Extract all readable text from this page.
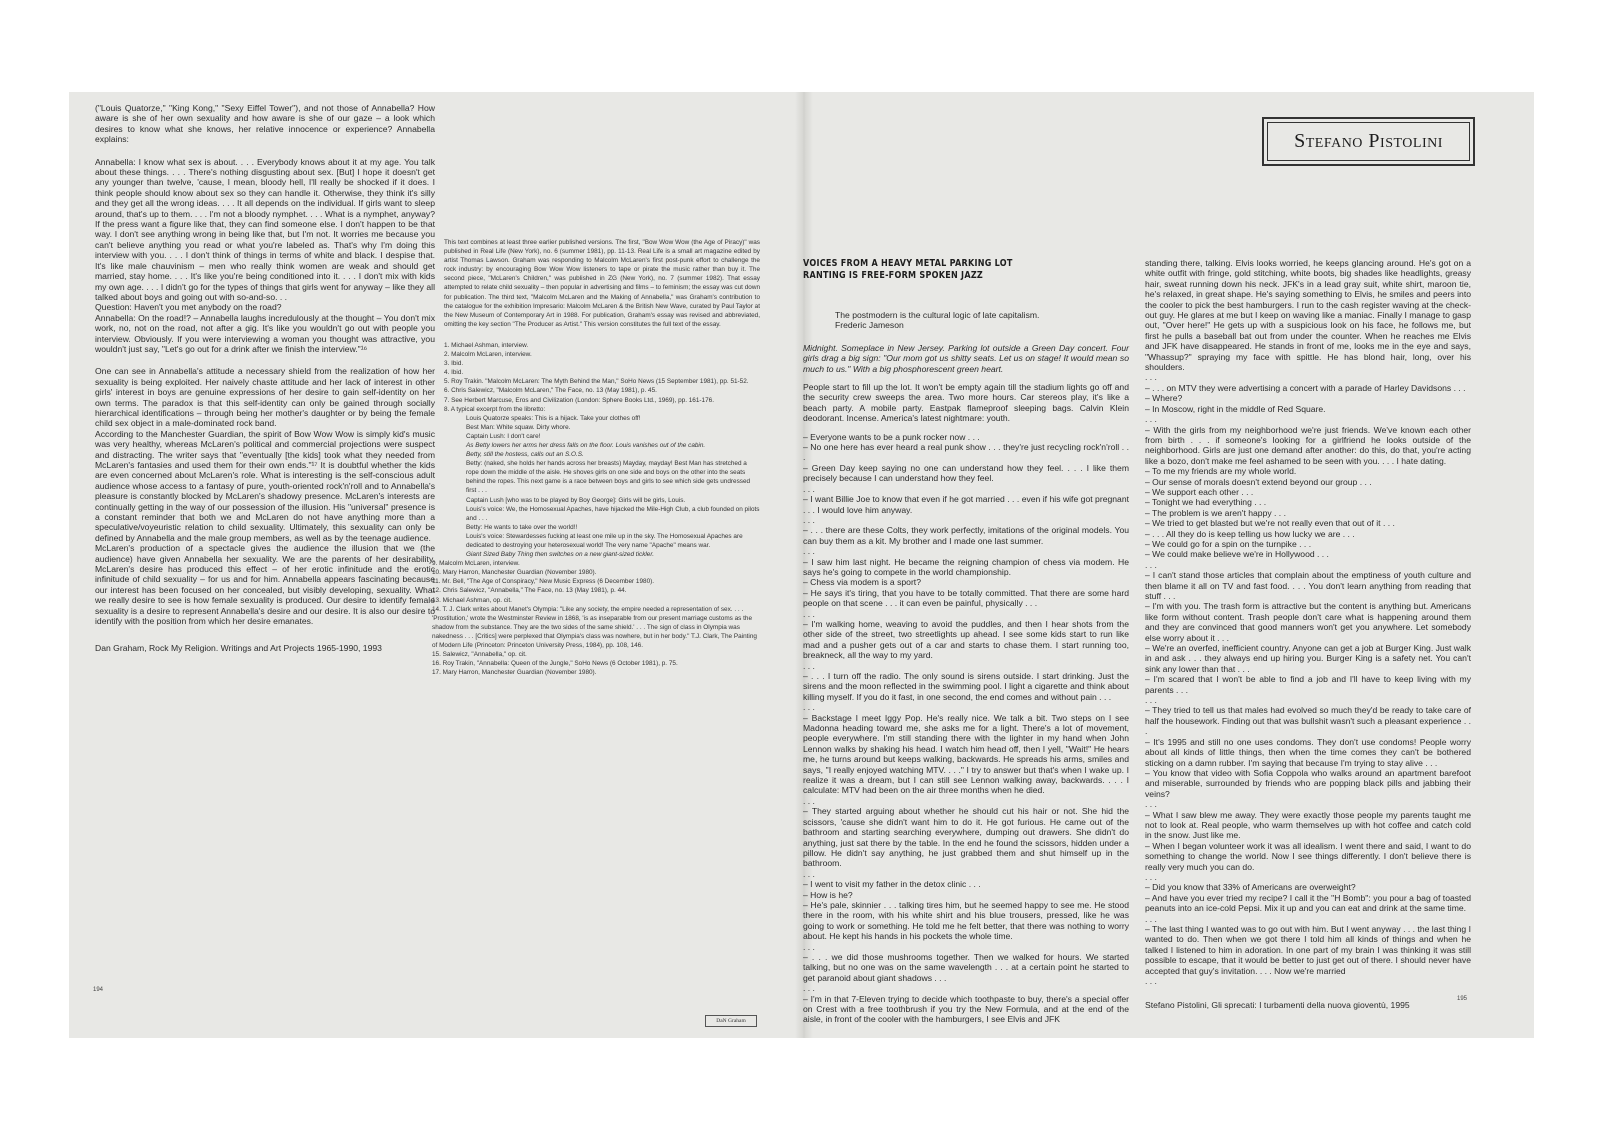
("Louis Quatorze," "King Kong," "Sexy Eiffel Tower"), and not those of Annabella? How aware is she of her own sexuality and how aware is she of our gaze – a look which desires to know what she knows, her relative innocence or experience? Annabella explains:

Annabella: I know what sex is about. . . . Everybody knows about it at my age. You talk about these things. . . . There's nothing disgusting about sex. [But] I hope it doesn't get any younger than twelve, 'cause, I mean, bloody hell, I'll really be shocked if it does. I think people should know about sex so they can handle it. Otherwise, they think it's silly and they get all the wrong ideas. . . . It all depends on the individual. If girls want to sleep around, that's up to them. . . . I'm not a bloody nymphet. . . . What is a nymphet, anyway? If the press want a figure like that, they can find someone else. I don't happen to be that way. I don't see anything wrong in being like that, but I'm not. It worries me because you can't believe anything you read or what you're labeled as. That's why I'm doing this interview with you. . . . I don't think of things in terms of white and black. I despise that. It's like male chauvinism – men who really think women are weak and should get married, stay home. . . . It's like you're being conditioned into it. . . . I don't mix with kids my own age. . . . I didn't go for the types of things that girls went for anyway – like they all talked about boys and going out with so-and-so. . .

Question: Haven't you met anybody on the road?

Annabella: On the road!? – Annabella laughs incredulously at the thought – You don't mix work, no, not on the road, not after a gig. It's like you wouldn't go out with people you interview. Obviously. If you were interviewing a woman you thought was attractive, you wouldn't just say, "Let's go out for a drink after we finish the interview."¹⁶

One can see in Annabella's attitude a necessary shield from the realization of how her sexuality is being exploited. Her naively chaste attitude and her lack of interest in other girls' interest in boys are genuine expressions of her desire to gain self-identity on her own terms. The paradox is that this self-identity can only be gained through socially hierarchical identifications – through being her mother's daughter or by being the female child sex object in a male-dominated rock band.

According to the Manchester Guardian, the spirit of Bow Wow Wow is simply kid's music was very healthy, whereas McLaren's political and commercial projections were suspect and distracting. The writer says that "eventually [the kids] took what they needed from McLaren's fantasies and used them for their own ends."¹⁷ It is doubtful whether the kids are even concerned about McLaren's role. What is interesting is the self-conscious adult audience whose access to a fantasy of pure, youth-oriented rock'n'roll and to Annabella's pleasure is constantly blocked by McLaren's shadowy presence. McLaren's interests are continually getting in the way of our possession of the illusion. His "universal" presence is a constant reminder that both we and McLaren do not have anything more than a speculative/voyeuristic relation to child sexuality. Ultimately, this sexuality can only be defined by Annabella and the male group members, as well as by the teenage audience.

McLaren's production of a spectacle gives the audience the illusion that we (the audience) have given Annabella her sexuality. We are the parents of her desirability. McLaren's desire has produced this effect – of her erotic infinitude and the erotic infinitude of child sexuality – for us and for him. Annabella appears fascinating because our interest has been focused on her concealed, but visibly developing, sexuality. What we really desire to see is how female sexuality is produced. Our desire to identify female sexuality is a desire to represent Annabella's desire and our desire. It is also our desire to identify with the position from which her desire emanates.

Dan Graham, Rock My Religion. Writings and Art Projects 1965-1990, 1993

This text combines at least three earlier published versions. The first, "Bow Wow Wow (the Age of Piracy)" was published in Real Life (New York), no. 6 (summer 1981), pp. 11-13. Real Life is a small art magazine edited by artist Thomas Lawson. Graham was responding to Malcolm McLaren's first post-punk effort to challenge the rock industry: by encouraging Bow Wow Wow listeners to tape or pirate the music rather than buy it. The second piece, "McLaren's Children," was published in ZG (New York), no. 7 (summer 1982). That essay attempted to relate child sexuality – then popular in advertising and films – to feminism; the essay was cut down for publication. The third text, "Malcolm McLaren and the Making of Annabella," was Graham's contribution to the catalogue for the exhibition Impresario: Malcolm McLaren & the British New Wave, curated by Paul Taylor at the New Museum of Contemporary Art in 1988. For publication, Graham's essay was revised and abbreviated, omitting the key section "The Producer as Artist." This version constitutes the full text of the essay.

1. Michael Ashman, interview.
2. Malcolm McLaren, interview.
3. Ibid.
4. Ibid.
5. Roy Trakin. "Malcolm McLaren: The Myth Behind the Man," SoHo News (15 September 1981), pp. 51-52.
6. Chris Salewicz, "Malcolm McLaren," The Face, no. 13 (May 1981), p. 45.
7. See Herbert Marcuse, Eros and Civilization (London: Sphere Books Ltd., 1969), pp. 161-176.
8. A typical excerpt from the libretto:
Louis Quatorze speaks: This is a hijack. Take your clothes off!
Best Man: White squaw. Dirty whore.
Captain Lush: I don't care!
As Betty lowers her arms her dress falls on the floor. Louis vanishes out of the cabin.
Betty, still the hostess, calls out an S.O.S.
Betty: (naked, she holds her hands across her breasts) Mayday, mayday! Best Man has stretched a rope down the middle of the aisle. He shoves girls on one side and boys on the other into the seats behind the ropes. This next game is a race between boys and girls to see which side gets undressed first . . .
Captain Lush [who was to be played by Boy George]: Girls will be girls, Louis.
Louis's voice: We, the Homosexual Apaches, have hijacked the Mile-High Club, a club founded on pilots and . . .
Betty: He wants to take over the world!!
Louis's voice: Stewardesses fucking at least one mile up in the sky. The Homosexual Apaches are dedicated to destroying your heterosexual world! The very name "Apache" means war.
Giant Sized Baby Thing then switches on a new giant-sized tickler.
9. Malcolm McLaren, interview.
10. Mary Harron, Manchester Guardian (November 1980).
11. Mr. Bell, "The Age of Conspiracy," New Music Express (6 December 1980).
12. Chris Salewicz, "Annabella," The Face, no. 13 (May 1981), p. 44.
13. Michael Ashman, op. cit.
14. T. J. Clark writes about Manet's Olympia: "Like any society, the empire needed a representation of sex. . . . 'Prostitution,' wrote the Westminster Review in 1868, 'is as inseparable from our present marriage customs as the shadow from the substance. They are the two sides of the same shield.' . . . The sign of class in Olympia was nakedness . . . [Critics] were perplexed that Olympia's class was nowhere, but in her body." T.J. Clark, The Painting of Modern Life (Princeton: Princeton University Press, 1984), pp. 108, 146.
15. Salewicz, "Annabella," op. cit.
16. Roy Trakin, "Annabella: Queen of the Jungle," SoHo News (6 October 1981), p. 75.
17. Mary Harron, Manchester Guardian (November 1980).
194
DaN Graham
Stefano Pistolini
VOICES FROM A HEAVY METAL PARKING LOT
RANTING IS FREE-FORM SPOKEN JAZZ
The postmodern is the cultural logic of late capitalism.
Frederic Jameson

Midnight. Someplace in New Jersey. Parking lot outside a Green Day concert. Four girls drag a big sign: "Our mom got us shitty seats. Let us on stage! It would mean so much to us." With a big phosphorescent green heart.

People start to fill up the lot. It won't be empty again till the stadium lights go off and the security crew sweeps the area. Two more hours. Car stereos play, it's like a beach party. A mobile party. Eastpak flameproof sleeping bags. Calvin Klein deodorant. Incense. America's latest nightmare: youth.

– Everyone wants to be a punk rocker now . . .
– No one here has ever heard a real punk show . . . they're just recycling rock'n'roll . . .
– Green Day keep saying no one can understand how they feel. . . . I like them precisely because I can understand how they feel.
. . .
– I want Billie Joe to know that even if he got married . . . even if his wife got pregnant . . . I would love him anyway.
. . .
– . . . there are these Colts, they work perfectly, imitations of the original models. You can buy them as a kit. My brother and I made one last summer.
. . .
– I saw him last night. He became the reigning champion of chess via modem. He says he's going to compete in the world championship.
– Chess via modem is a sport?
– He says it's tiring, that you have to be totally committed. That there are some hard people on that scene . . . it can even be painful, physically . . .
. . .
– I'm walking home, weaving to avoid the puddles, and then I hear shots from the other side of the street, two streetlights up ahead. I see some kids start to run like mad and a pusher gets out of a car and starts to chase them. I start running too, breakneck, all the way to my yard.
. . .
– . . . I turn off the radio. The only sound is sirens outside. I start drinking. Just the sirens and the moon reflected in the swimming pool. I light a cigarette and think about killing myself. If you do it fast, in one second, the end comes and without pain . . .
. . .
– Backstage I meet Iggy Pop. He's really nice. We talk a bit. Two steps on I see Madonna heading toward me, she asks me for a light. There's a lot of movement, people everywhere. I'm still standing there with the lighter in my hand when John Lennon walks by shaking his head. I watch him head off, then I yell, "Wait!" He hears me, he turns around but keeps walking, backwards. He spreads his arms, smiles and says, "I really enjoyed watching MTV. . . ." I try to answer but that's when I wake up. I realize it was a dream, but I can still see Lennon walking away, backwards. . . . I calculate: MTV had been on the air three months when he died.
. . .
– They started arguing about whether he should cut his hair or not. She hid the scissors, 'cause she didn't want him to do it. He got furious. He came out of the bathroom and starting searching everywhere, dumping out drawers. She didn't do anything, just sat there by the table. In the end he found the scissors, hidden under a pillow. He didn't say anything, he just grabbed them and shut himself up in the bathroom.
. . .
– I went to visit my father in the detox clinic . . .
– How is he?
– He's pale, skinnier . . . talking tires him, but he seemed happy to see me. He stood there in the room, with his white shirt and his blue trousers, pressed, like he was going to work or something. He told me he felt better, that there was nothing to worry about. He kept his hands in his pockets the whole time.
. . .
– . . . we did those mushrooms together. Then we walked for hours. We started talking, but no one was on the same wavelength . . . at a certain point he started to get paranoid about giant shadows . . .
. . .
– I'm in that 7-Eleven trying to decide which toothpaste to buy, there's a special offer on Crest with a free toothbrush if you try the New Formula, and at the end of the aisle, in front of the cooler with the hamburgers, I see Elvis and JFK

standing there, talking. Elvis looks worried, he keeps glancing around. He's got on a white outfit with fringe, gold stitching, white boots, big shades like headlights, greasy hair, sweat running down his neck. JFK's in a lead gray suit, white shirt, maroon tie, he's relaxed, in great shape. He's saying something to Elvis, he smiles and peers into the cooler to pick the best hamburgers. I run to the cash register waving at the check-out guy. He glares at me but I keep on waving like a maniac. Finally I manage to gasp out, "Over here!" He gets up with a suspicious look on his face, he follows me, but first he pulls a baseball bat out from under the counter. When he reaches me Elvis and JFK have disappeared. He stands in front of me, looks me in the eye and says, "Whassup?" spraying my face with spittle. He has blond hair, long, over his shoulders.
. . .
– . . . on MTV they were advertising a concert with a parade of Harley Davidsons . . .
– Where?
– In Moscow, right in the middle of Red Square.
. . .
– With the girls from my neighborhood we're just friends. We've known each other from birth . . . if someone's looking for a girlfriend he looks outside of the neighborhood. Girls are just one demand after another: do this, do that, you're acting like a bozo, don't make me feel ashamed to be seen with you. . . . I hate dating.
– To me my friends are my whole world.
– Our sense of morals doesn't extend beyond our group . . .
– We support each other . . .
– Tonight we had everything . . .
– The problem is we aren't happy . . .
– We tried to get blasted but we're not really even that out of it . . .
– . . . All they do is keep telling us how lucky we are . . .
– We could go for a spin on the turnpike . . .
– We could make believe we're in Hollywood . . .
. . .
– I can't stand those articles that complain about the emptiness of youth culture and then blame it all on TV and fast food. . . . You don't learn anything from reading that stuff . . .
– I'm with you. The trash form is attractive but the content is anything but. Americans like form without content. Trash people don't care what is happening around them and they are convinced that good manners won't get you anywhere. Let somebody else worry about it . . .
– We're an overfed, inefficient country. Anyone can get a job at Burger King. Just walk in and ask . . . they always end up hiring you. Burger King is a safety net. You can't sink any lower than that . . .
– I'm scared that I won't be able to find a job and I'll have to keep living with my parents . . .
. . .
– They tried to tell us that males had evolved so much they'd be ready to take care of half the housework. Finding out that was bullshit wasn't such a pleasant experience . . .
– It's 1995 and still no one uses condoms. They don't use condoms! People worry about all kinds of little things, then when the time comes they can't be bothered sticking on a damn rubber. I'm saying that because I'm trying to stay alive . . .
– You know that video with Sofia Coppola who walks around an apartment barefoot and miserable, surrounded by friends who are popping black pills and jabbing their veins?
. . .
– What I saw blew me away. They were exactly those people my parents taught me not to look at. Real people, who warm themselves up with hot coffee and catch cold in the snow. Just like me.
– When I began volunteer work it was all idealism. I went there and said, I want to do something to change the world. Now I see things differently. I don't believe there is really very much you can do.
. . .
– Did you know that 33% of Americans are overweight?
– And have you ever tried my recipe? I call it the "H Bomb": you pour a bag of toasted peanuts into an ice-cold Pepsi. Mix it up and you can eat and drink at the same time.
. . .
– The last thing I wanted was to go out with him. But I went anyway . . . the last thing I wanted to do. Then when we got there I told him all kinds of things and when he talked I listened to him in adoration. In one part of my brain I was thinking it was still possible to escape, that it would be better to just get out of there. I should never have accepted that guy's invitation. . . . Now we're married
. . .

Stefano Pistolini, Gli sprecati: I turbamenti della nuova gioventù, 1995
195
